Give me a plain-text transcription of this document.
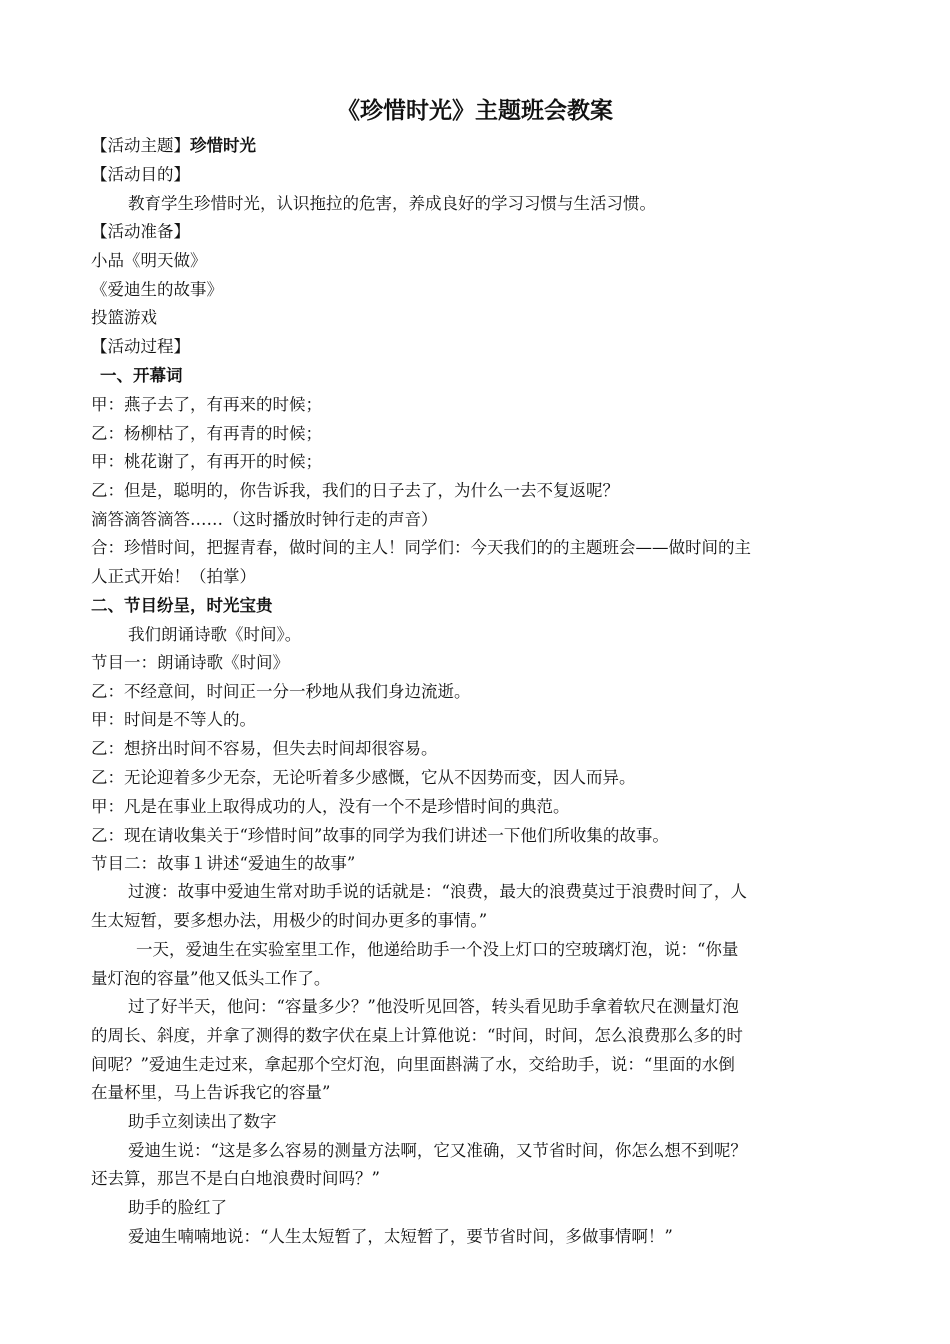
《珍惜时光》主题班会教案
【活动主题】珍惜时光
【活动目的】
教育学生珍惜时光，认识拖拉的危害，养成良好的学习习惯与生活习惯。
【活动准备】
小品《明天做》
《爱迪生的故事》
投篮游戏
【活动过程】
一、开幕词
甲：燕子去了，有再来的时候；
乙：杨柳枯了，有再青的时候；
甲：桃花谢了，有再开的时候；
乙：但是，聪明的，你告诉我，我们的日子去了，为什么一去不复返呢？
滴答滴答滴答……（这时播放时钟行走的声音）
合：珍惜时间，把握青春，做时间的主人！同学们：今天我们的的主题班会——做时间的主
人正式开始！（拍掌）
二、节目纷呈，时光宝贵
我们朗诵诗歌《时间》。
节目一：朗诵诗歌《时间》
乙：不经意间，时间正一分一秒地从我们身边流逝。
甲：时间是不等人的。
乙：想挤出时间不容易，但失去时间却很容易。
乙：无论迎着多少无奈，无论听着多少感慨，它从不因势而变，因人而异。
甲：凡是在事业上取得成功的人，没有一个不是珍惜时间的典范。
乙：现在请收集关于“珍惜时间”故事的同学为我们讲述一下他们所收集的故事。
节目二：故事１讲述“爱迪生的故事”
过渡：故事中爱迪生常对助手说的话就是：“浪费，最大的浪费莫过于浪费时间了，人
生太短暂，要多想办法，用极少的时间办更多的事情。”
一天，爱迪生在实验室里工作，他递给助手一个没上灯口的空玻璃灯泡，说：“你量
量灯泡的容量”他又低头工作了。
过了好半天，他问：“容量多少？”他没听见回答，转头看见助手拿着软尺在测量灯泡
的周长、斜度，并拿了测得的数字伏在桌上计算他说：“时间，时间，怎么浪费那么多的时
间呢？”爱迪生走过来，拿起那个空灯泡，向里面斟满了水，交给助手，说：“里面的水倒
在量杯里，马上告诉我它的容量”
助手立刻读出了数字
爱迪生说：“这是多么容易的测量方法啊，它又准确，又节省时间，你怎么想不到呢？
还去算，那岂不是白白地浪费时间吗？”
助手的脸红了
爱迪生喃喃地说：“人生太短暂了，太短暂了，要节省时间，多做事情啊！”
